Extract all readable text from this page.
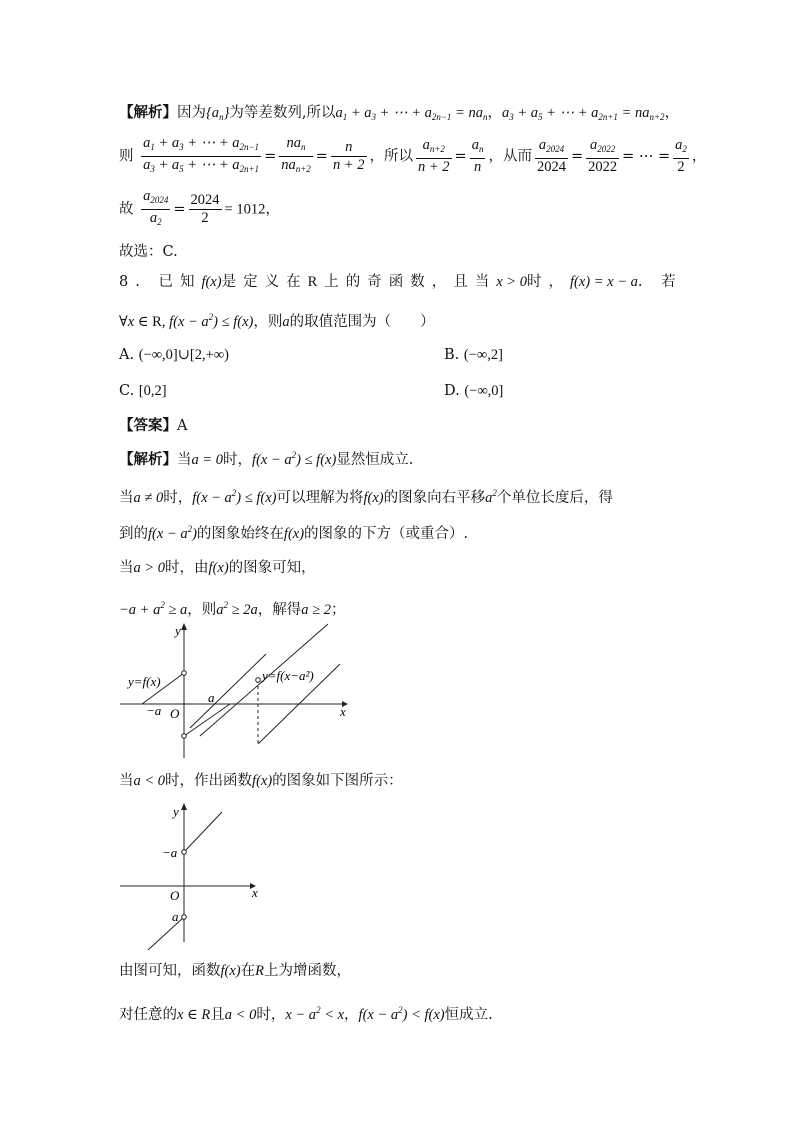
【解析】因为$\{a_n\}$为等差数列,所以$a_1 + a_3$ + ⋯ + $a_{2n-1} = na_n$，$a_3 + a_5$ + ⋯ + $a_{2n+1} = na_{n+2}$，
则 $\frac{a_1 + a_3 + \cdots + a_{2n-1}}{a_3 + a_5 + \cdots + a_{2n+1}} = \frac{na_n}{na_{n+2}} = \frac{n}{n + 2}$ ，所以 $\frac{a_{n+2}}{n + 2} = \frac{a_n}{n}$ ，从而 $\frac{a_{2024}}{2024} = \frac{a_{2022}}{2022}$ = ⋯ = $\frac{a_2}{2}$ ，
故 $\frac{a_{2024}}{a_2} = \frac{2024}{2} = 1012$，
故选：C.
8. 已知f(x)是定义在R上的奇函数，且当x > 0时，f(x) = x − a. 若
∀x ∈ R, $f(x - a^2) \le f(x)$，则a的取值范围为（　　）
A. (−∞,0]∪[2,+∞)	B. (−∞,2]
C. [0,2]	D. (−∞,0]
【答案】A
【解析】当a = 0时，$f(x - a^2) \le f(x)$显然恒成立.
当a ≠ 0时，$f(x - a^2) \le f(x)$可以理解为将f(x)的图象向右平移$a^2$个单位长度后，得
到的$f(x - a^2)$的图象始终在f(x)的图象的下方（或重合）.
当a > 0时，由f(x)的图象可知，
$-a + a^2 \ge a$，则$a^2 \ge 2a$，解得a ≥ 2；
y
x
O
−a
a
y=f(x)	y=f(x−a²)
当a < 0时，作出函数f(x)的图象如下图所示：
y
x
O
−a
a
由图可知，函数f(x)在R上为增函数，
对任意的x ∈ R且a < 0时，$x - a^2 < x$，$f(x - a^2) < f(x)$恒成立.
